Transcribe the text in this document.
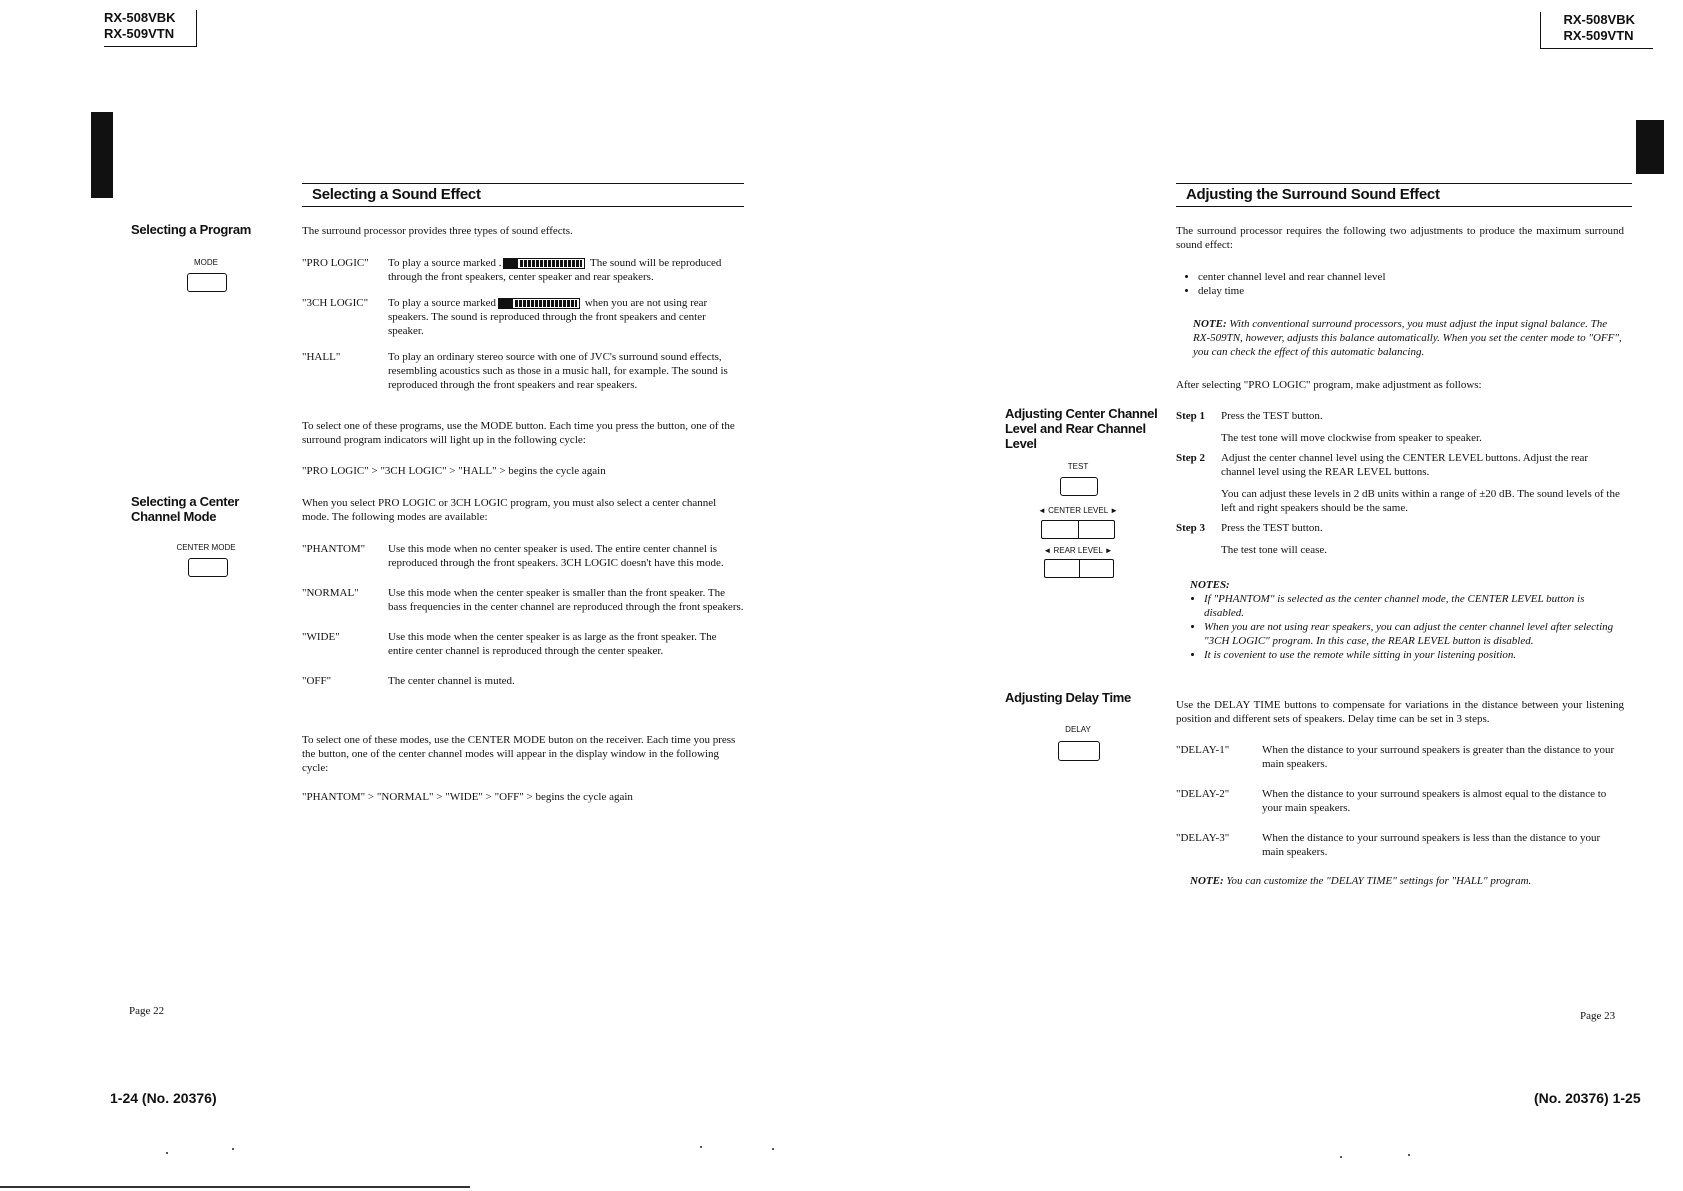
RX-508VBK
RX-509VTN
RX-508VBK
RX-509VTN
Selecting a Sound Effect
Selecting a Program
MODE
The surround processor provides three types of sound effects.
"PRO LOGIC"	To play a source marked .	The sound will be reproduced through the front speakers, center speaker and rear speakers.
"3CH LOGIC"	To play a source marked	when you are not using rear speakers. The sound is reproduced through the front speakers and center speaker.
"HALL"	To play an ordinary stereo source with one of JVC's surround sound effects, resembling acoustics such as those in a music hall, for example. The sound is reproduced through the front speakers and rear speakers.
To select one of these programs, use the MODE button. Each time you press the button, one of the surround program indicators will light up in the following cycle:
"PRO LOGIC" > "3CH LOGIC" > "HALL" > begins the cycle again
Selecting a Center Channel Mode
CENTER MODE
When you select PRO LOGIC or 3CH LOGIC program, you must also select a center channel mode. The following modes are available:
"PHANTOM"	Use this mode when no center speaker is used. The entire center channel is reproduced through the front speakers. 3CH LOGIC doesn't have this mode.
"NORMAL"	Use this mode when the center speaker is smaller than the front speaker. The bass frequencies in the center channel are reproduced through the front speakers.
"WIDE"	Use this mode when the center speaker is as large as the front speaker. The entire center channel is reproduced through the center speaker.
"OFF"	The center channel is muted.
To select one of these modes, use the CENTER MODE buton on the receiver. Each time you press the button, one of the center channel modes will appear in the display window in the following cycle:
"PHANTOM" > "NORMAL" > "WIDE" > "OFF" > begins the cycle again
Page 22
1-24 (No. 20376)
Adjusting the Surround Sound Effect
The surround processor requires the following two adjustments to produce the maximum surround sound effect:
• center channel level and rear channel level
• delay time
NOTE: With conventional surround processors, you must adjust the input signal balance. The RX-509TN, however, adjusts this balance automatically. When you set the center mode to "OFF", you can check the effect of this automatic balancing.
After selecting "PRO LOGIC" program, make adjustment as follows:
Adjusting Center Channel Level and Rear Channel Level
TEST
◄ CENTER LEVEL ►
◄ REAR LEVEL ►
Step 1	Press the TEST button.
The test tone will move clockwise from speaker to speaker.
Step 2	Adjust the center channel level using the CENTER LEVEL buttons. Adjust the rear channel level using the REAR LEVEL buttons.
You can adjust these levels in 2 dB units within a range of ±20 dB. The sound levels of the left and right speakers should be the same.
Step 3	Press the TEST button.
The test tone will cease.
NOTES:
• If "PHANTOM" is selected as the center channel mode, the CENTER LEVEL button is disabled.
• When you are not using rear speakers, you can adjust the center channel level after selecting "3CH LOGIC" program. In this case, the REAR LEVEL button is disabled.
• It is covenient to use the remote while sitting in your listening position.
Adjusting Delay Time
DELAY
Use the DELAY TIME buttons to compensate for variations in the distance between your listening position and different sets of speakers. Delay time can be set in 3 steps.
"DELAY-1"	When the distance to your surround speakers is greater than the distance to your main speakers.
"DELAY-2"	When the distance to your surround speakers is almost equal to the distance to your main speakers.
"DELAY-3"	When the distance to your surround speakers is less than the distance to your main speakers.
NOTE: You can customize the "DELAY TIME" settings for "HALL" program.
Page 23
(No. 20376) 1-25
